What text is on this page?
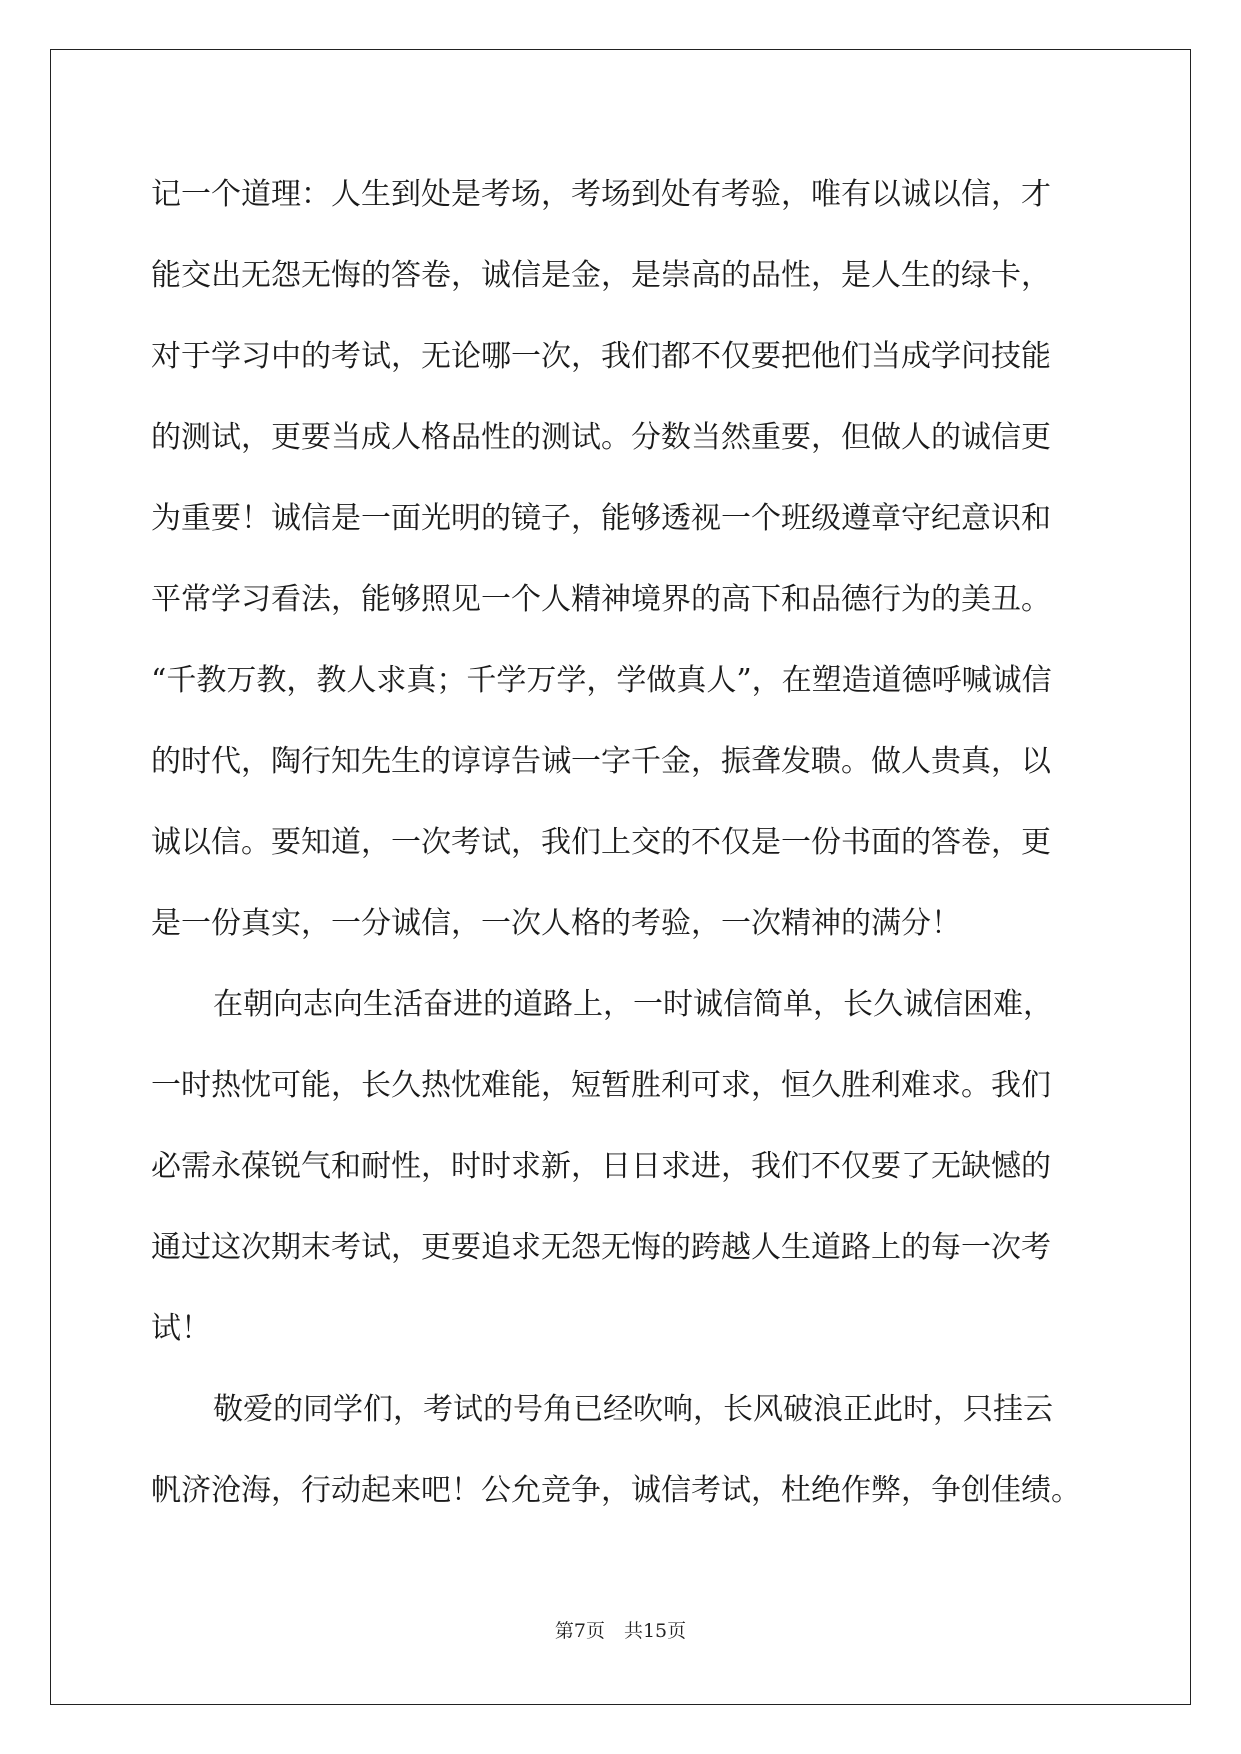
记一个道理：人生到处是考场，考场到处有考验，唯有以诚以信，才
能交出无怨无悔的答卷，诚信是金，是崇高的品性，是人生的绿卡，
对于学习中的考试，无论哪一次，我们都不仅要把他们当成学问技能
的测试，更要当成人格品性的测试。分数当然重要，但做人的诚信更
为重要！诚信是一面光明的镜子，能够透视一个班级遵章守纪意识和
平常学习看法，能够照见一个人精神境界的高下和品德行为的美丑。
“千教万教，教人求真；千学万学，学做真人”，在塑造道德呼喊诚信
的时代，陶行知先生的谆谆告诫一字千金，振聋发聩。做人贵真，以
诚以信。要知道，一次考试，我们上交的不仅是一份书面的答卷，更
是一份真实，一分诚信，一次人格的考验，一次精神的满分！
在朝向志向生活奋进的道路上，一时诚信简单，长久诚信困难，
一时热忱可能，长久热忱难能，短暂胜利可求，恒久胜利难求。我们
必需永葆锐气和耐性，时时求新，日日求进，我们不仅要了无缺憾的
通过这次期末考试，更要追求无怨无悔的跨越人生道路上的每一次考
试！
敬爱的同学们，考试的号角已经吹响，长风破浪正此时，只挂云
帆济沧海，行动起来吧！公允竞争，诚信考试，杜绝作弊，争创佳绩。
第7页　共15页
